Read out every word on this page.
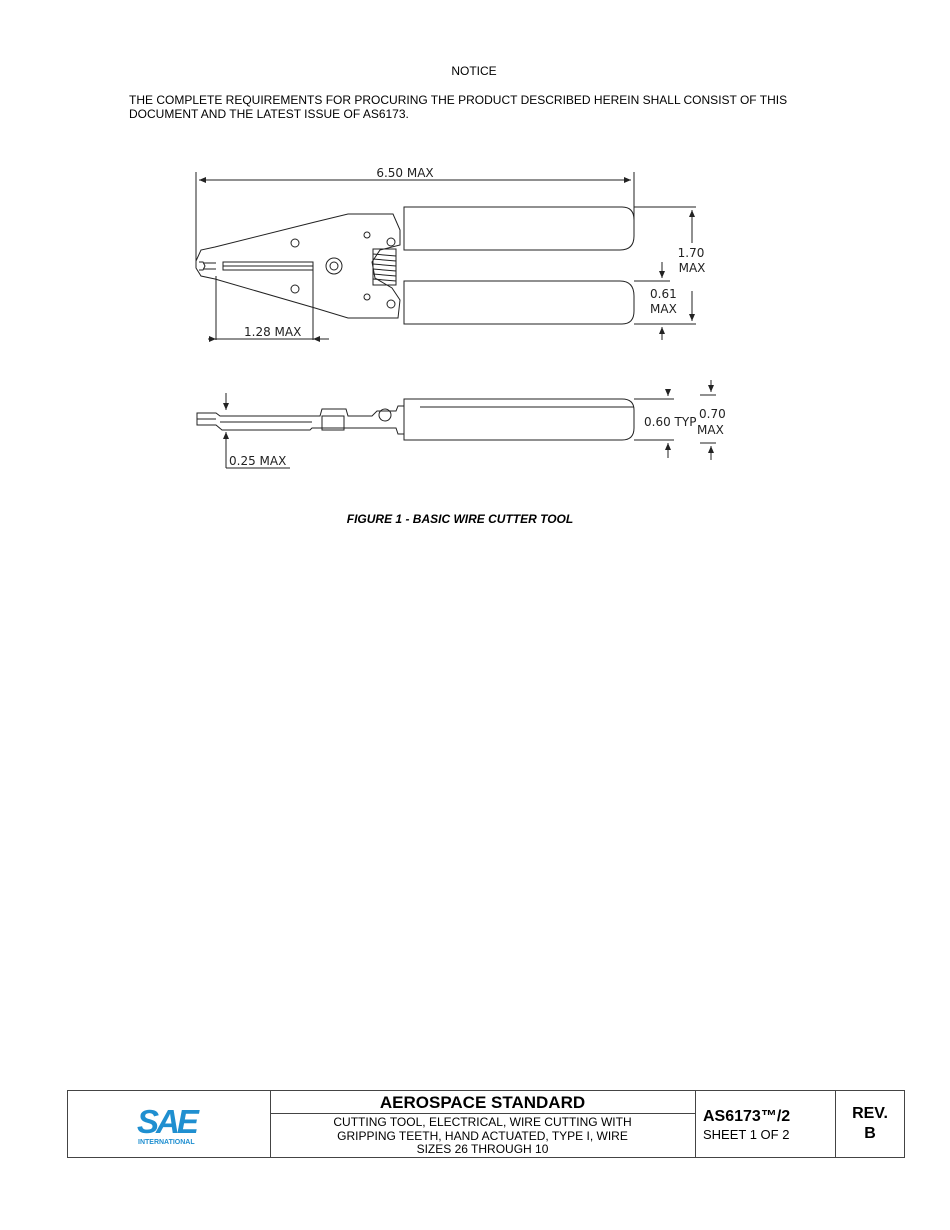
NOTICE
THE COMPLETE REQUIREMENTS FOR PROCURING THE PRODUCT DESCRIBED HEREIN SHALL CONSIST OF THIS DOCUMENT AND THE LATEST ISSUE OF AS6173.
6.50 MAX
1.70
MAX
0.61
MAX
1.28 MAX
0.25 MAX
0.60 TYP
0.70
MAX
FIGURE 1 - BASIC WIRE CUTTER TOOL
SAE
INTERNATIONAL
AEROSPACE STANDARD
CUTTING TOOL, ELECTRICAL, WIRE CUTTING WITH
GRIPPING TEETH, HAND ACTUATED, TYPE I, WIRE
SIZES 26 THROUGH 10
AS6173™/2
SHEET 1 OF 2
REV.
B
